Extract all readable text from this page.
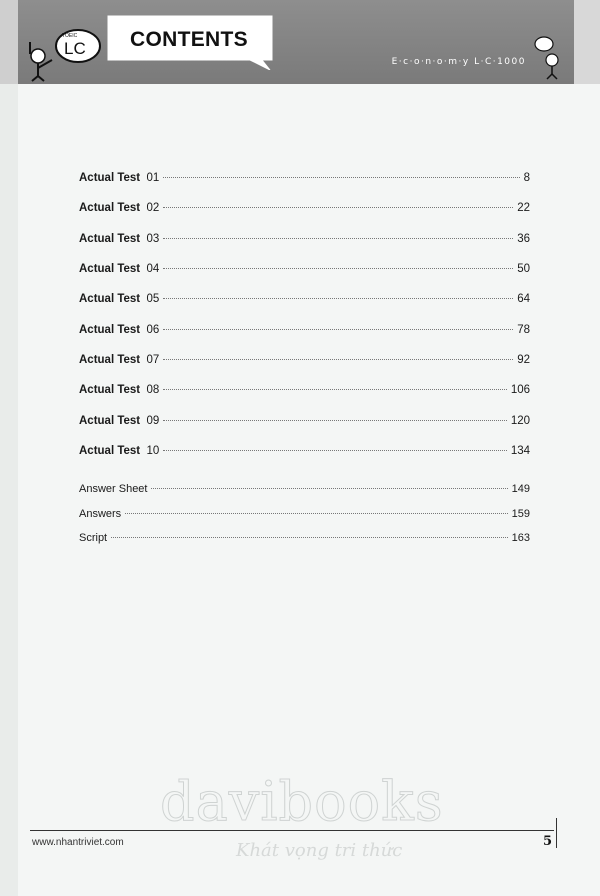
LC
TOEIC	CONTENTS
E·c·o·n·o·m·y L·C·1000
Actual Test 01	8
Actual Test 02	22
Actual Test 03	36
Actual Test 04	50
Actual Test 05	64
Actual Test 06	78
Actual Test 07	92
Actual Test 08	106
Actual Test 09	120
Actual Test 10	134
Answer Sheet	149
Answers	159
Script	163
davibooks
Khát vọng tri thức
www.nhantriviet.com	5
